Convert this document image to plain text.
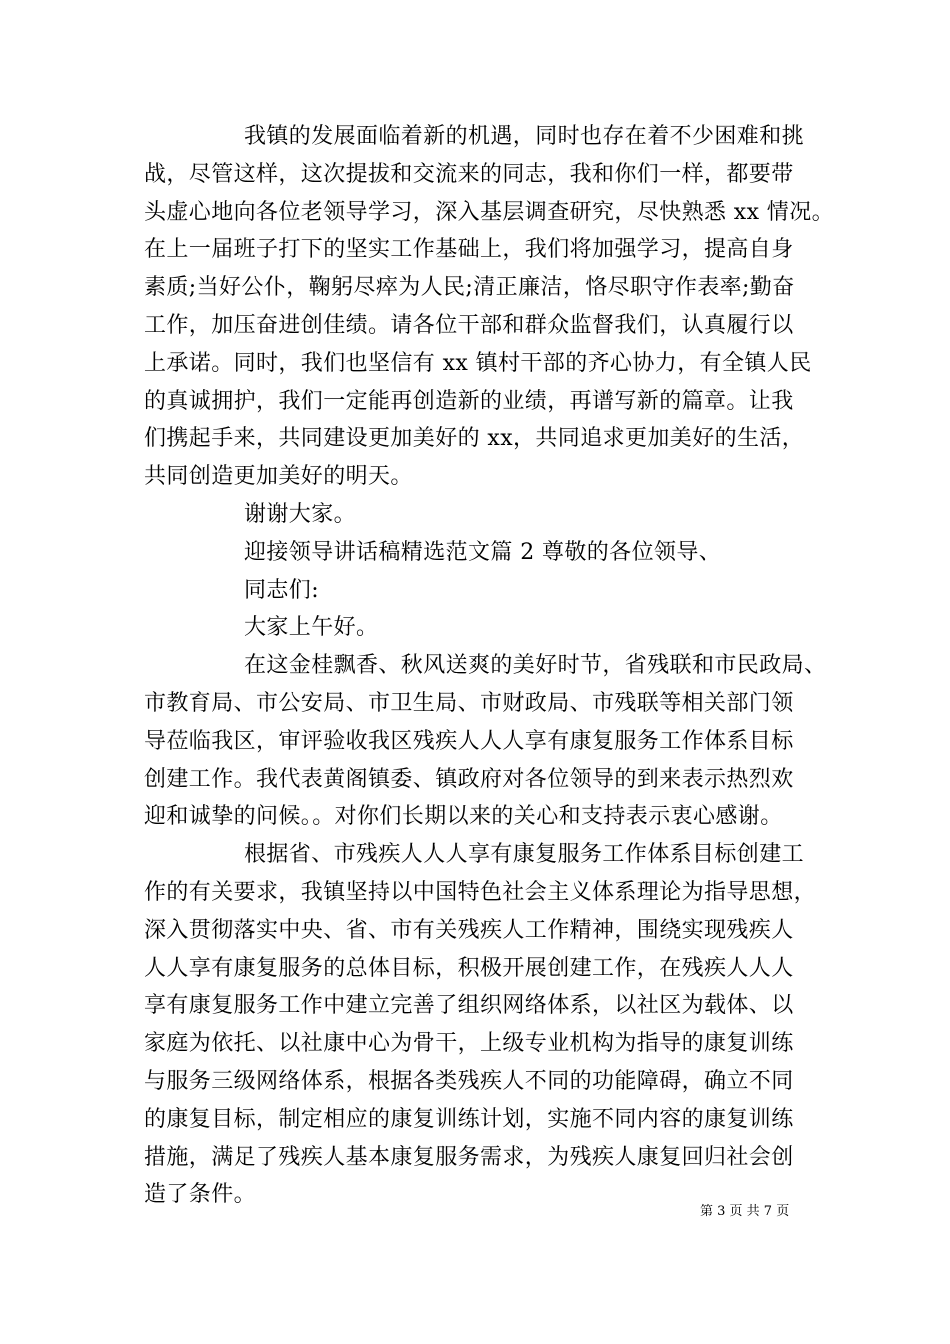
我镇的发展面临着新的机遇，同时也存在着不少困难和挑
战，尽管这样，这次提拔和交流来的同志，我和你们一样，都要带
头虚心地向各位老领导学习，深入基层调查研究，尽快熟悉 xx 情况。
在上一届班子打下的坚实工作基础上，我们将加强学习，提高自身
素质;当好公仆，鞠躬尽瘁为人民;清正廉洁，恪尽职守作表率;勤奋
工作，加压奋进创佳绩。请各位干部和群众监督我们，认真履行以
上承诺。同时，我们也坚信有 xx 镇村干部的齐心协力，有全镇人民
的真诚拥护，我们一定能再创造新的业绩，再谱写新的篇章。让我
们携起手来，共同建设更加美好的 xx，共同追求更加美好的生活，
共同创造更加美好的明天。
谢谢大家。
迎接领导讲话稿精选范文篇 2 尊敬的各位领导、
同志们:
大家上午好。
在这金桂飘香、秋风送爽的美好时节，省残联和市民政局、
市教育局、市公安局、市卫生局、市财政局、市残联等相关部门领
导莅临我区，审评验收我区残疾人人人享有康复服务工作体系目标
创建工作。我代表黄阁镇委、镇政府对各位领导的到来表示热烈欢
迎和诚挚的问候。。对你们长期以来的关心和支持表示衷心感谢。
根据省、市残疾人人人享有康复服务工作体系目标创建工
作的有关要求，我镇坚持以中国特色社会主义体系理论为指导思想，
深入贯彻落实中央、省、市有关残疾人工作精神，围绕实现残疾人
人人享有康复服务的总体目标，积极开展创建工作，在残疾人人人
享有康复服务工作中建立完善了组织网络体系，以社区为载体、以
家庭为依托、以社康中心为骨干，上级专业机构为指导的康复训练
与服务三级网络体系，根据各类残疾人不同的功能障碍，确立不同
的康复目标，制定相应的康复训练计划，实施不同内容的康复训练
措施，满足了残疾人基本康复服务需求，为残疾人康复回归社会创
造了条件。
第 3 页 共 7 页
